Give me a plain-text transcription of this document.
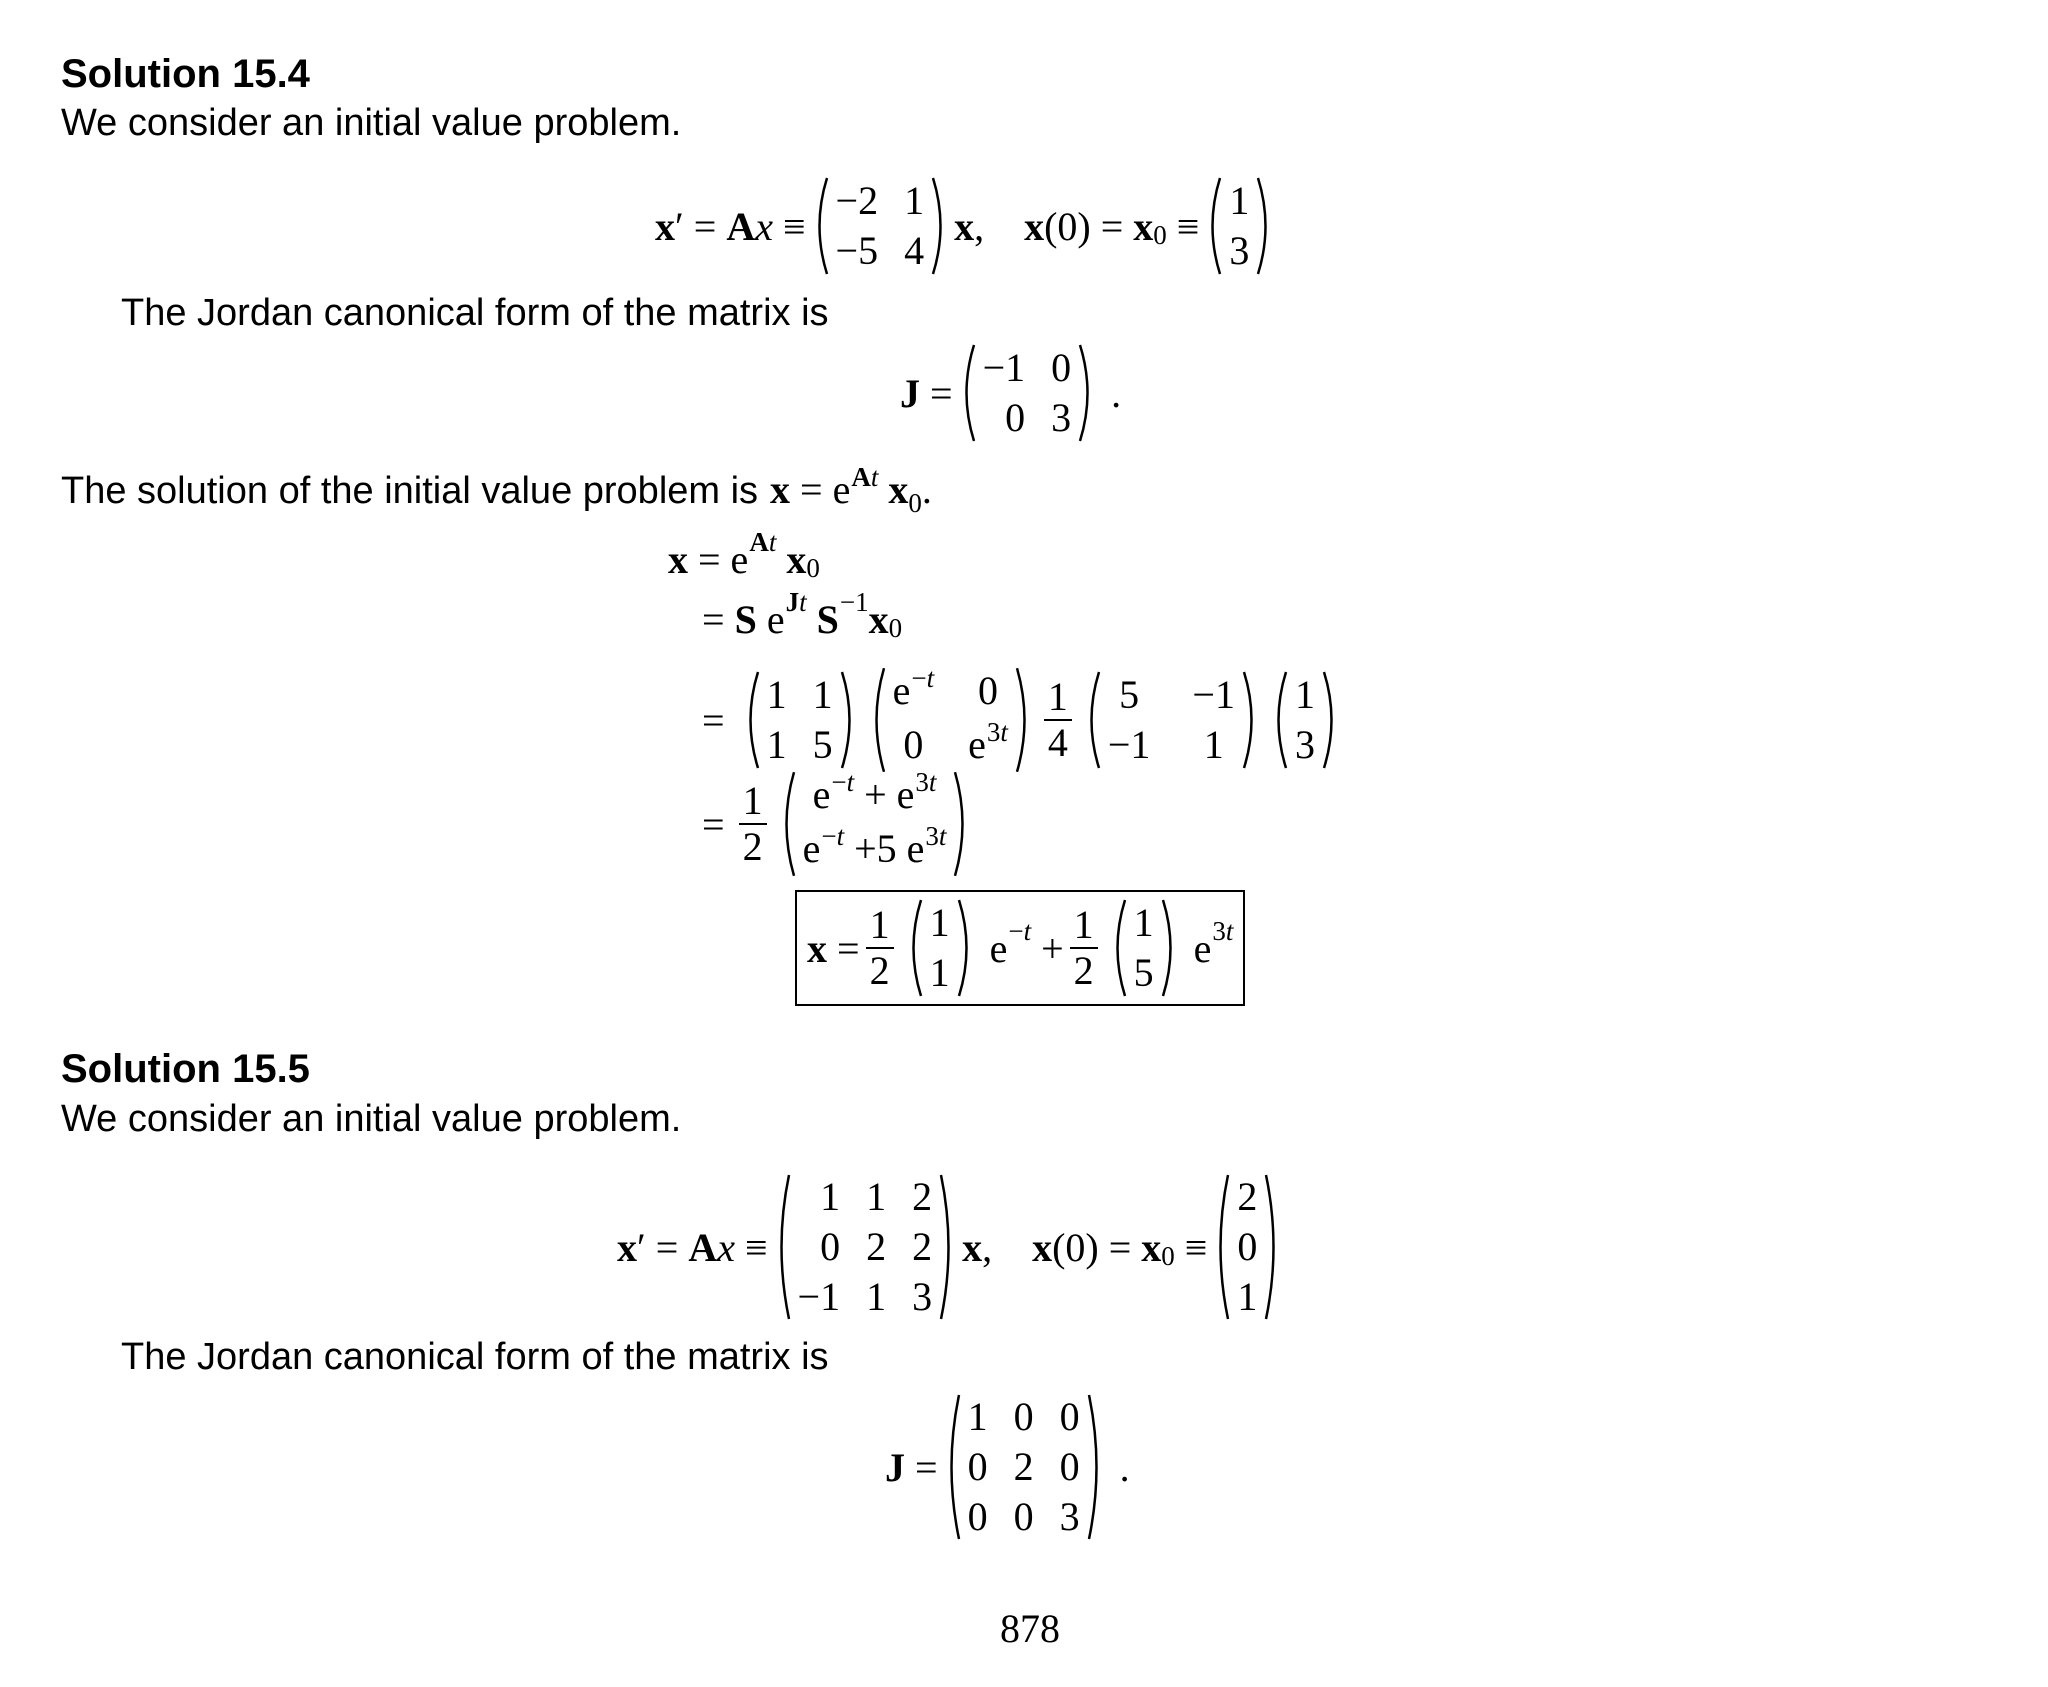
Solution 15.4
We consider an initial value problem.
x ′ = A x ≡
−2 1
−5 4
x , x (0) = x 0 ≡
1
3
The Jordan canonical form of the matrix is
J =
−1 0
0 3
.
The solution of the initial value problem is $x = e^{At}$ $x_0$.
x = e At
x 0
= S e Jt
S −1 x 0
=
1 1
1 5
$e^{-t}$ 0
0 $e^{3t} \frac{1}{4} 5 -1$
−1 1
1
3
= $\frac{1}{2} e^{-t} + e^{3t}$
$e^{-t} +5$ $e^{3t}$
$x = \frac{1}{2} 1$
1
$e -t + \frac{1}{2} 1$
5
e 3t
Solution 15.5
We consider an initial value problem.
x ′ = A x ≡
1 1 2
0 2 2
−1 1 3
x , x (0) = x 0 ≡
2
0
1
The Jordan canonical form of the matrix is
J =
1 0 0
0 2 0
0 0 3
.
878
